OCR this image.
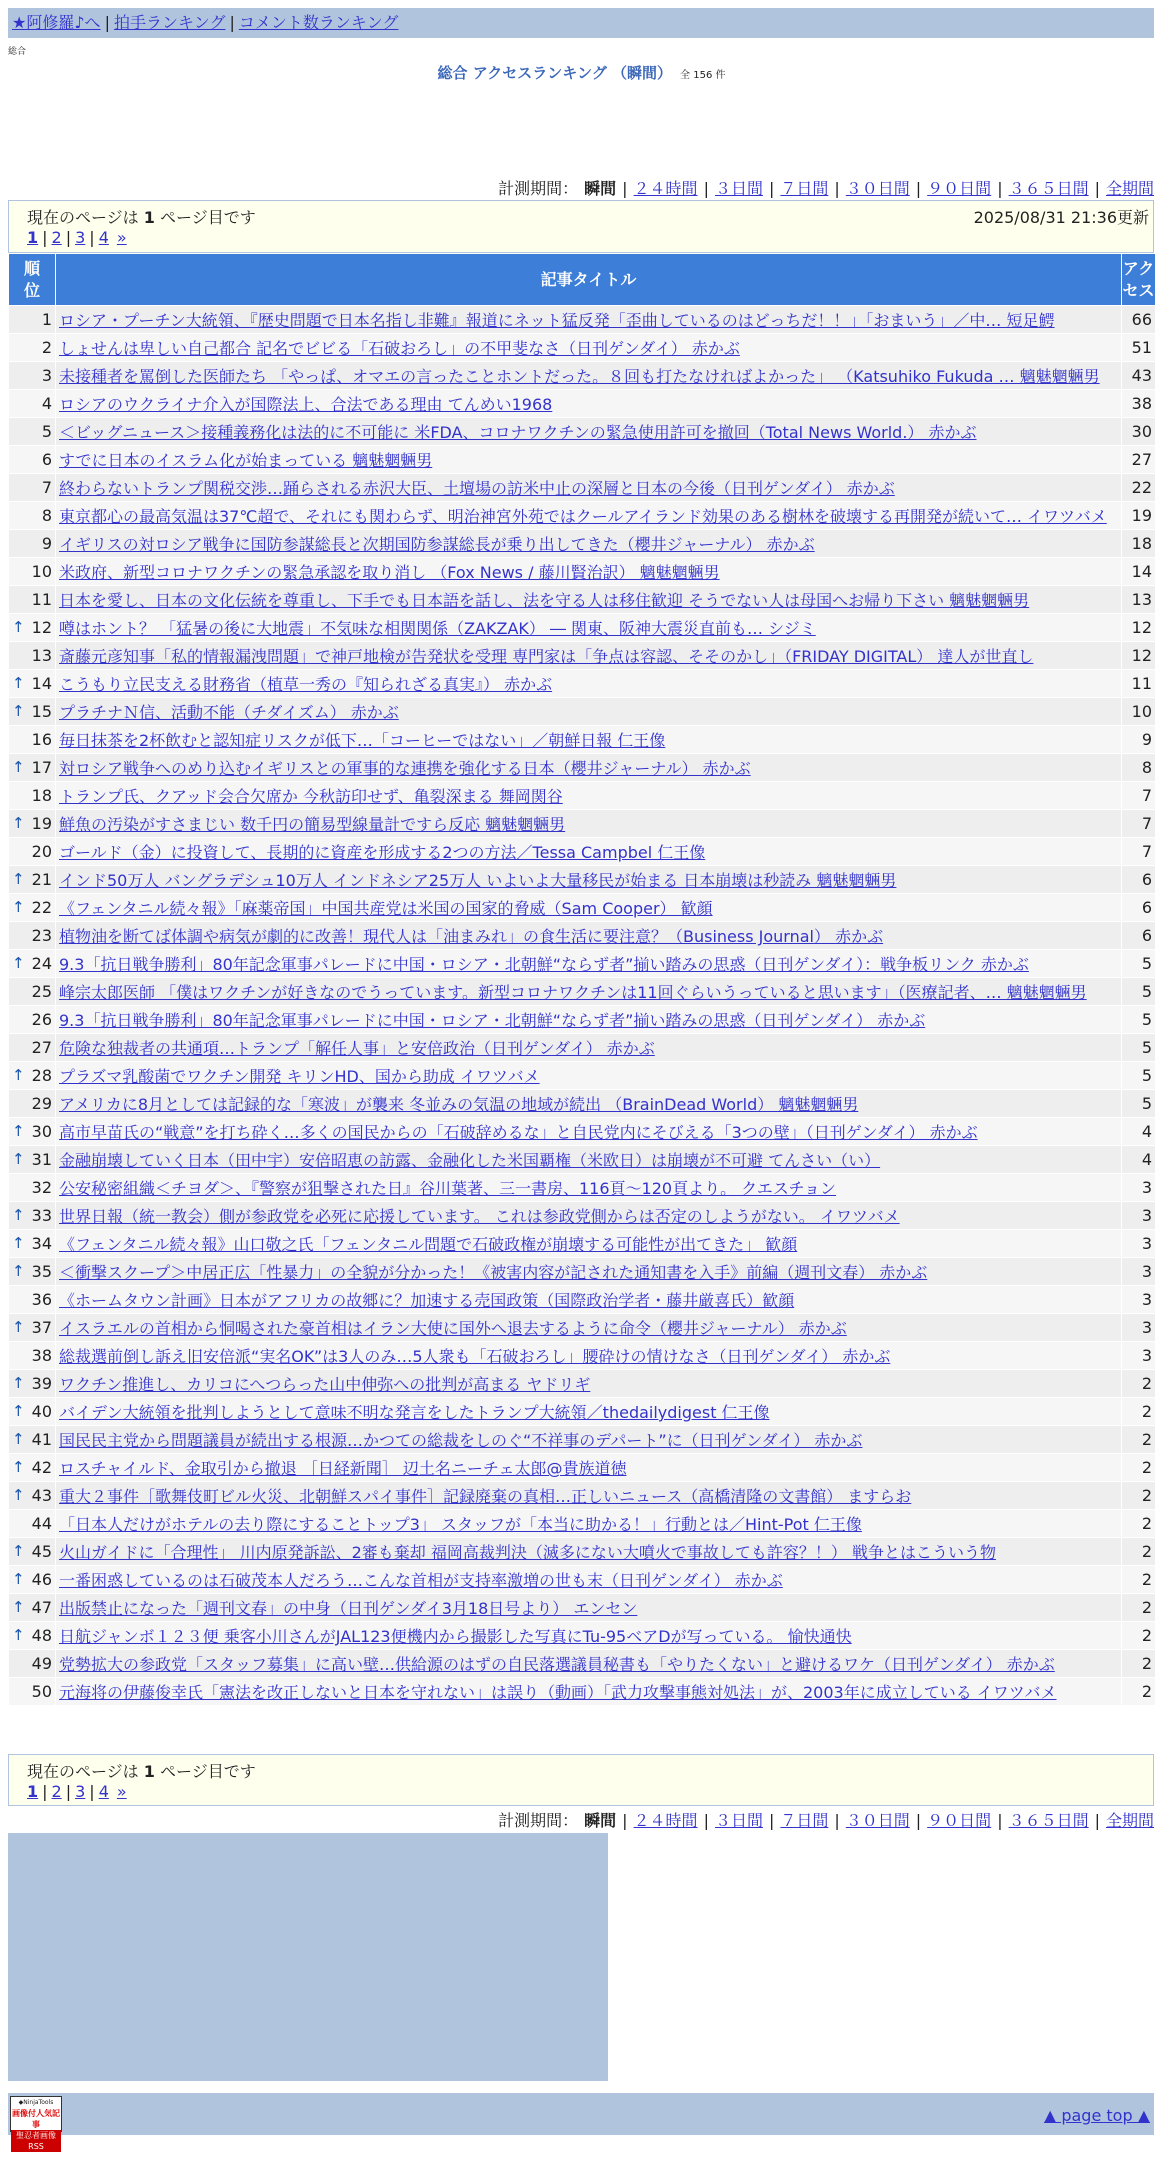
★阿修羅♪へ | 拍手ランキング | コメント数ランキング
総合
総合 アクセスランキング （瞬間） 全 156 件
計測期間： 瞬間 | ２４時間 | ３日間 | ７日間 | ３０日間 | ９０日間 | ３６５日間 | 全期間
現在のページは 1 ページ目です	2025/08/31 21:36更新
1 | 2 | 3 | 4 »
順位	記事タイトル	アクセス
1	ロシア・プーチン大統領、『歴史問題で日本名指し非難』報道にネット猛反発「歪曲しているのはどっちだ！！」「おまいう」／中… 短足鰐	66
2	しょせんは卑しい自己都合 記名でビビる「石破おろし」の不甲斐なさ（日刊ゲンダイ） 赤かぶ	51
3	未接種者を罵倒した医師たち 「やっぱ、オマエの言ったことホントだった。８回も打たなければよかった」 （Katsuhiko Fukuda … 魑魅魍魎男	43
4	ロシアのウクライナ介入が国際法上、合法である理由 てんめい1968	38
5	＜ビッグニュース＞接種義務化は法的に不可能に 米FDA、コロナワクチンの緊急使用許可を撤回（Total News World.） 赤かぶ	30
6	すでに日本のイスラム化が始まっている 魑魅魍魎男	27
7	終わらないトランプ関税交渉…踊らされる赤沢大臣、土壇場の訪米中止の深層と日本の今後（日刊ゲンダイ） 赤かぶ	22
8	東京都心の最高気温は37℃超で、それにも関わらず、明治神宮外苑ではクールアイランド効果のある樹林を破壊する再開発が続いて… イワツバメ	19
9	イギリスの対ロシア戦争に国防参謀総長と次期国防参謀総長が乗り出してきた（櫻井ジャーナル） 赤かぶ	18
10	米政府、新型コロナワクチンの緊急承認を取り消し （Fox News / 藤川賢治訳） 魑魅魍魎男	14
11	日本を愛し、日本の文化伝統を尊重し、下手でも日本語を話し、法を守る人は移住歓迎 そうでない人は母国へお帰り下さい 魑魅魍魎男	13

↑ 12	噂はホント？ 「猛暑の後に大地震」不気味な相関関係（ZAKZAK） ― 関東、阪神大震災直前も… シジミ	12
13	斎藤元彦知事「私的情報漏洩問題」で神戸地検が告発状を受理 専門家は「争点は容認、そそのかし」（FRIDAY DIGITAL） 達人が世直し	12

↑ 14	こうもり立民支える財務省（植草一秀の『知られざる真実』） 赤かぶ	11

↑ 15	プラチナＮ信、活動不能（チダイズム） 赤かぶ	10
16	毎日抹茶を2杯飲むと認知症リスクが低下…「コーヒーではない」／朝鮮日報 仁王像	9

↑ 17	対ロシア戦争へのめり込むイギリスとの軍事的な連携を強化する日本（櫻井ジャーナル） 赤かぶ	8
18	トランプ氏、クアッド会合欠席か 今秋訪印せず、亀裂深まる 舞岡関谷	7

↑ 19	鮮魚の汚染がすさまじい 数千円の簡易型線量計ですら反応 魑魅魍魎男	7
20	ゴールド（金）に投資して、長期的に資産を形成する2つの方法／Tessa Campbel 仁王像	7

↑ 21	インド50万人 バングラデシュ10万人 インドネシア25万人 いよいよ大量移民が始まる 日本崩壊は秒読み 魑魅魍魎男	6

↑ 22	《フェンタニル続々報》「麻薬帝国」中国共産党は米国の国家的脅威（Sam Cooper） 歓顔	6
23	植物油を断てば体調や病気が劇的に改善！現代人は「油まみれ」の食生活に要注意？（Business Journal） 赤かぶ	6

↑ 24	9.3「抗日戦争勝利」80年記念軍事パレードに中国・ロシア・北朝鮮“ならず者”揃い踏みの思惑（日刊ゲンダイ）：戦争板リンク 赤かぶ	5
25	峰宗太郎医師 「僕はワクチンが好きなのでうっています。新型コロナワクチンは11回ぐらいうっていると思います」（医療記者、… 魑魅魍魎男	5
26	9.3「抗日戦争勝利」80年記念軍事パレードに中国・ロシア・北朝鮮“ならず者”揃い踏みの思惑（日刊ゲンダイ） 赤かぶ	5
27	危険な独裁者の共通項…トランプ「解任人事」と安倍政治（日刊ゲンダイ） 赤かぶ	5

↑ 28	プラズマ乳酸菌でワクチン開発 キリンHD、国から助成 イワツバメ	5
29	アメリカに8月としては記録的な「寒波」が襲来 冬並みの気温の地域が続出 （BrainDead World） 魑魅魍魎男	5

↑ 30	高市早苗氏の“戦意”を打ち砕く…多くの国民からの「石破辞めるな」と自民党内にそびえる「3つの壁」（日刊ゲンダイ） 赤かぶ	4

↑ 31	金融崩壊していく日本（田中宇）安倍昭恵の訪露、金融化した米国覇権（米欧日）は崩壊が不可避 てんさい（い）	4
32	公安秘密組織＜チヨダ＞、『警察が狙撃された日』谷川葉著、三一書房、116頁〜120頁より。 クエスチョン	3

↑ 33	世界日報（統一教会）側が参政党を必死に応援しています。 これは参政党側からは否定のしようがない。 イワツバメ	3

↑ 34	《フェンタニル続々報》山口敬之氏「フェンタニル問題で石破政権が崩壊する可能性が出てきた」 歓顔	3

↑ 35	＜衝撃スクープ＞中居正広「性暴力」の全貌が分かった！《被害内容が記された通知書を入手》前編（週刊文春） 赤かぶ	3
36	《ホームタウン計画》日本がアフリカの故郷に？加速する売国政策（国際政治学者・藤井厳喜氏）歓顔	3

↑ 37	イスラエルの首相から恫喝された豪首相はイラン大使に国外へ退去するように命令（櫻井ジャーナル） 赤かぶ	3
38	総裁選前倒し訴え旧安倍派“実名OK”は3人のみ…5人衆も「石破おろし」腰砕けの情けなさ（日刊ゲンダイ） 赤かぶ	3

↑ 39	ワクチン推進し、カリコにへつらった山中伸弥への批判が高まる ヤドリギ	2

↑ 40	バイデン大統領を批判しようとして意味不明な発言をしたトランプ大統領／thedailydigest 仁王像	2

↑ 41	国民民主党から問題議員が続出する根源…かつての総裁をしのぐ“不祥事のデパート”に（日刊ゲンダイ） 赤かぶ	2

↑ 42	ロスチャイルド、金取引から撤退 ［日経新聞］ 辺土名ニーチェ太郎@貴族道徳	2

↑ 43	重大２事件［歌舞伎町ビル火災、北朝鮮スパイ事件］記録廃棄の真相…正しいニュース（高橋清隆の文書館） ますらお	2
44	「日本人だけがホテルの去り際にすることトップ3」 スタッフが「本当に助かる！」行動とは／Hint-Pot 仁王像	2

↑ 45	火山ガイドに「合理性」 川内原発訴訟、2審も棄却 福岡高裁判決（滅多にない大噴火で事故しても許容？！） 戦争とはこういう物	2

↑ 46	一番困惑しているのは石破茂本人だろう…こんな首相が支持率激増の世も末（日刊ゲンダイ） 赤かぶ	2

↑ 47	出版禁止になった「週刊文春」の中身（日刊ゲンダイ3月18日号より） エンセン	2

↑ 48	日航ジャンボ１２３便 乗客小川さんがJAL123便機内から撮影した写真にTu-95ベアDが写っている。 愉快通快	2
49	党勢拡大の参政党「スタッフ募集」に高い壁…供給源のはずの自民落選議員秘書も「やりたくない」と避けるワケ（日刊ゲンダイ） 赤かぶ	2
50	元海将の伊藤俊幸氏「憲法を改正しないと日本を守れない」は誤り（動画）「武力攻撃事態対処法」が、2003年に成立している イワツバメ	2
現在のページは 1 ページ目です
1 | 2 | 3 | 4 »
計測期間： 瞬間 | ２４時間 | ３日間 | ７日間 | ３０日間 | ９０日間 | ３６５日間 | 全期間
◆NinjaTools
画像付人気記事
聖忍者画像RSS
▲ page top ▲
